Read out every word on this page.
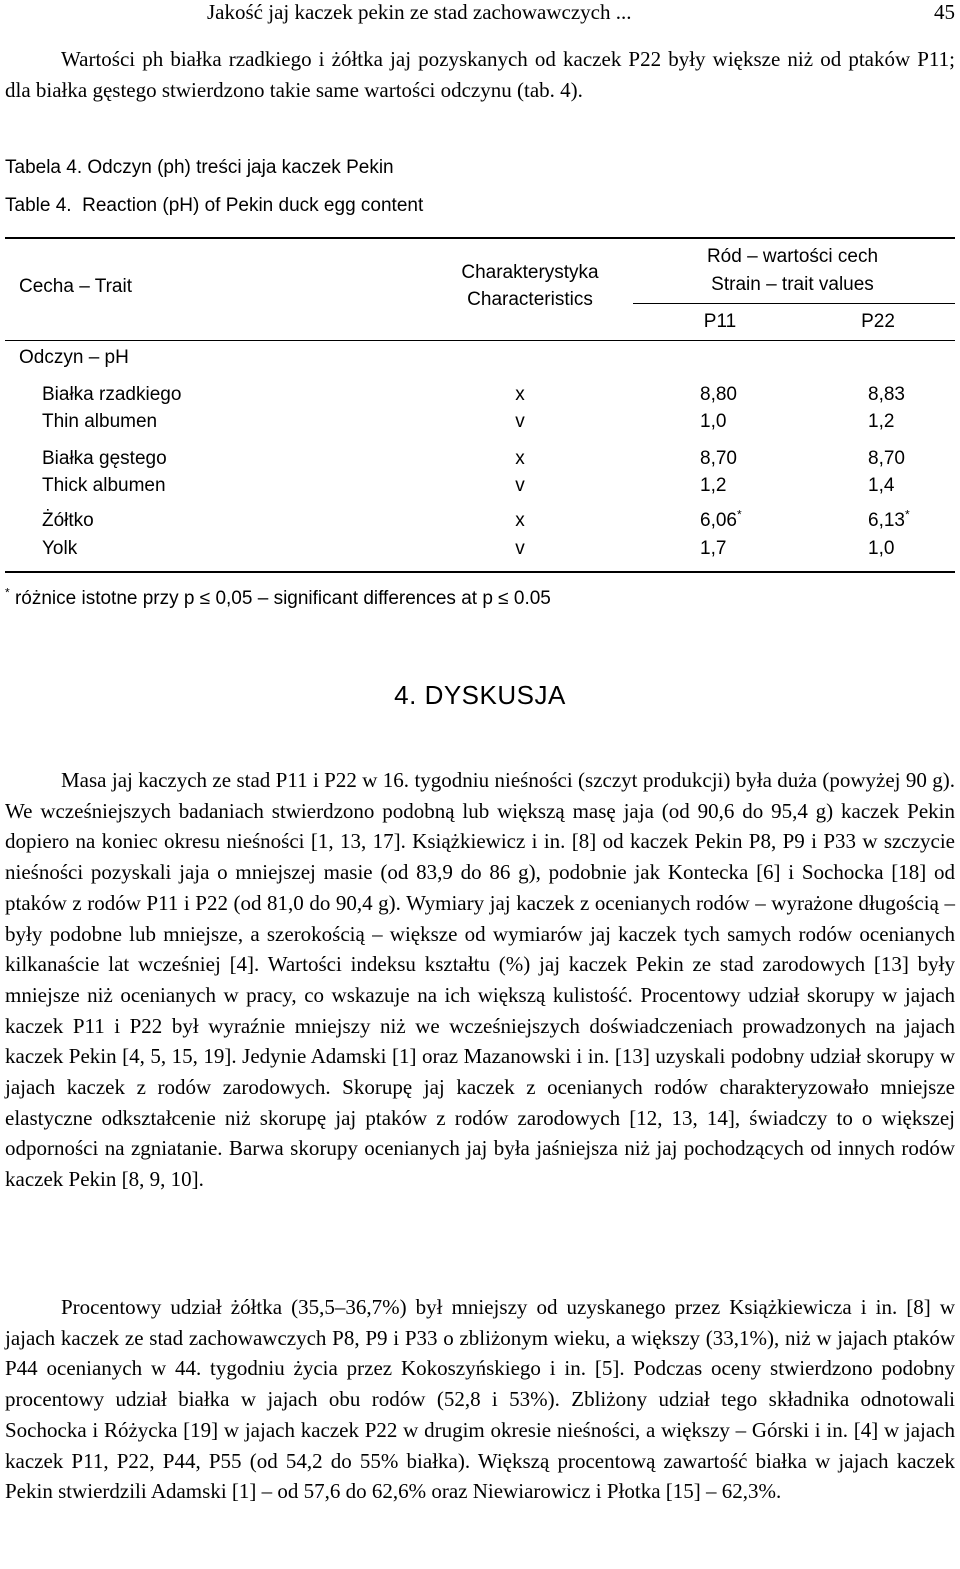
Jakość jaj kaczek pekin ze stad zachowawczych ...	45

Wartości ph białka rzadkiego i żółtka jaj pozyskanych od kaczek P22 były większe niż od ptaków P11; dla białka gęstego stwierdzono takie same wartości odczynu (tab. 4).

Tabela 4. Odczyn (ph) treści jaja kaczek Pekin
Table 4.  Reaction (pH) of Pekin duck egg content
Cecha – Trait
Charakterystyka
Characteristics
Ród – wartości cech
Strain – trait values
P11	P22
Odczyn – pH
Białka rzadkiego
Thin albumen
x
v
8,80
1,0
8,83
1,2
Białka gęstego
Thick albumen
x
v
8,70
1,2
8,70
1,4
Żółtko
Yolk
x
v
6,06*
1,7
6,13*
1,0
* różnice istotne przy p ≤ 0,05 – significant differences at p ≤ 0.05
4. DYSKUSJA

Masa jaj kaczych ze stad P11 i P22 w 16. tygodniu nieśności (szczyt produkcji) była duża (powyżej 90 g). We wcześniejszych badaniach stwierdzono podobną lub większą masę jaja (od 90,6 do 95,4 g) kaczek Pekin dopiero na koniec okresu nieśności [1, 13, 17]. Książkiewicz i in. [8] od kaczek Pekin P8, P9 i P33 w szczycie nieśności pozyskali jaja o mniejszej masie (od 83,9 do 86 g), podobnie jak Kontecka [6] i Sochocka [18] od ptaków z rodów P11 i P22 (od 81,0 do 90,4 g). Wymiary jaj kaczek z ocenianych rodów – wyrażone długością – były podobne lub mniejsze, a szerokością – większe od wymiarów jaj kaczek tych samych rodów ocenianych kilkanaście lat wcześniej [4]. Wartości indeksu kształtu (%) jaj kaczek Pekin ze stad zarodowych [13] były mniejsze niż ocenianych w pracy, co wskazuje na ich większą kulistość. Procentowy udział skorupy w jajach kaczek P11 i P22 był wyraźnie mniejszy niż we wcześniejszych doświadczeniach prowadzonych na jajach kaczek Pekin [4, 5, 15, 19]. Jedynie Adamski [1] oraz Mazanowski i in. [13] uzyskali podobny udział skorupy w jajach kaczek z rodów zarodowych. Skorupę jaj kaczek z ocenianych rodów charakteryzowało mniejsze elastyczne odkształcenie niż skorupę jaj ptaków z rodów zarodowych [12, 13, 14], świadczy to o większej odporności na zgniatanie. Barwa skorupy ocenianych jaj była jaśniejsza niż jaj pochodzących od innych rodów kaczek Pekin [8, 9, 10].

Procentowy udział żółtka (35,5–36,7%) był mniejszy od uzyskanego przez Książkiewicza i in. [8] w jajach kaczek ze stad zachowawczych P8, P9 i P33 o zbliżonym wieku, a większy (33,1%), niż w jajach ptaków P44 ocenianych w 44. tygodniu życia przez Kokoszyńskiego i in. [5]. Podczas oceny stwierdzono podobny procentowy udział białka w jajach obu rodów (52,8 i 53%). Zbliżony udział tego składnika odnotowali Sochocka i Różycka [19] w jajach kaczek P22 w drugim okresie nieśności, a większy – Górski i in. [4] w jajach kaczek P11, P22, P44, P55 (od 54,2 do 55% białka). Większą procentową zawartość białka w jajach kaczek Pekin stwierdzili Adamski [1] – od 57,6 do 62,6% oraz Niewiarowicz i Płotka [15] – 62,3%.
